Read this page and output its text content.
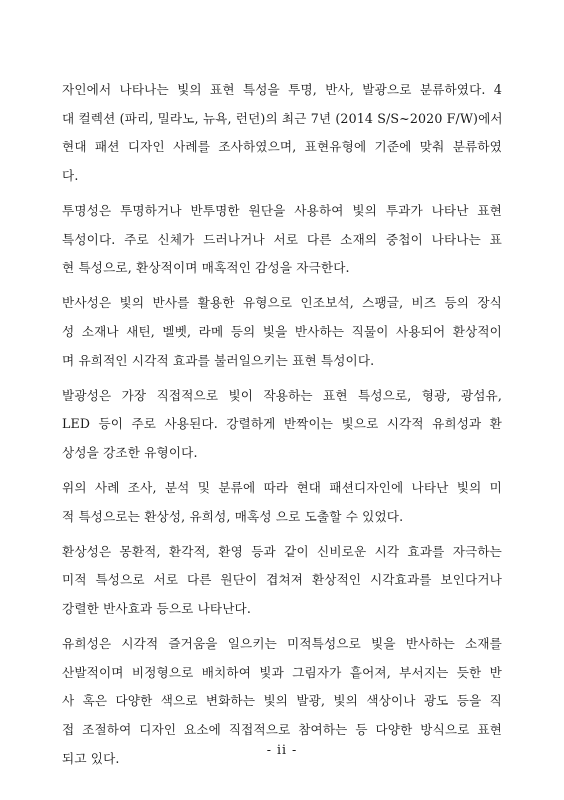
자인에서 나타나는 빛의 표현 특성을 투명, 반사, 발광으로 분류하였다. 4
대 컬렉션 (파리, 밀라노, 뉴욕, 런던)의 최근 7년 (2014 S/S~2020 F/W)에서
현대 패션 디자인 사례를 조사하였으며, 표현유형에 기준에 맞춰 분류하였
다.
투명성은 투명하거나 반투명한 원단을 사용하여 빛의 투과가 나타난 표현
특성이다. 주로 신체가 드러나거나 서로 다른 소재의 중첩이 나타나는 표
현 특성으로, 환상적이며 매혹적인 감성을 자극한다.
반사성은 빛의 반사를 활용한 유형으로 인조보석, 스팽글, 비즈 등의 장식
성 소재나 새틴, 벨벳, 라메 등의 빛을 반사하는 직물이 사용되어 환상적이
며 유희적인 시각적 효과를 불러일으키는 표현 특성이다.
발광성은 가장 직접적으로 빛이 작용하는 표현 특성으로, 형광, 광섬유,
LED 등이 주로 사용된다. 강렬하게 반짝이는 빛으로 시각적 유희성과 환
상성을 강조한 유형이다.
위의 사례 조사, 분석 및 분류에 따라 현대 패션디자인에 나타난 빛의 미
적 특성으로는 환상성, 유희성, 매혹성 으로 도출할 수 있었다.
환상성은 몽환적, 환각적, 환영 등과 같이 신비로운 시각 효과를 자극하는
미적 특성으로 서로 다른 원단이 겹쳐져 환상적인 시각효과를 보인다거나
강렬한 반사효과 등으로 나타난다.
유희성은 시각적 즐거움을 일으키는 미적특성으로 빛을 반사하는 소재를
산발적이며 비정형으로 배치하여 빛과 그림자가 흩어져, 부서지는 듯한 반
사 혹은 다양한 색으로 변화하는 빛의 발광, 빛의 색상이나 광도 등을 직
접 조절하여 디자인 요소에 직접적으로 참여하는 등 다양한 방식으로 표현
되고 있다.
- ii -
